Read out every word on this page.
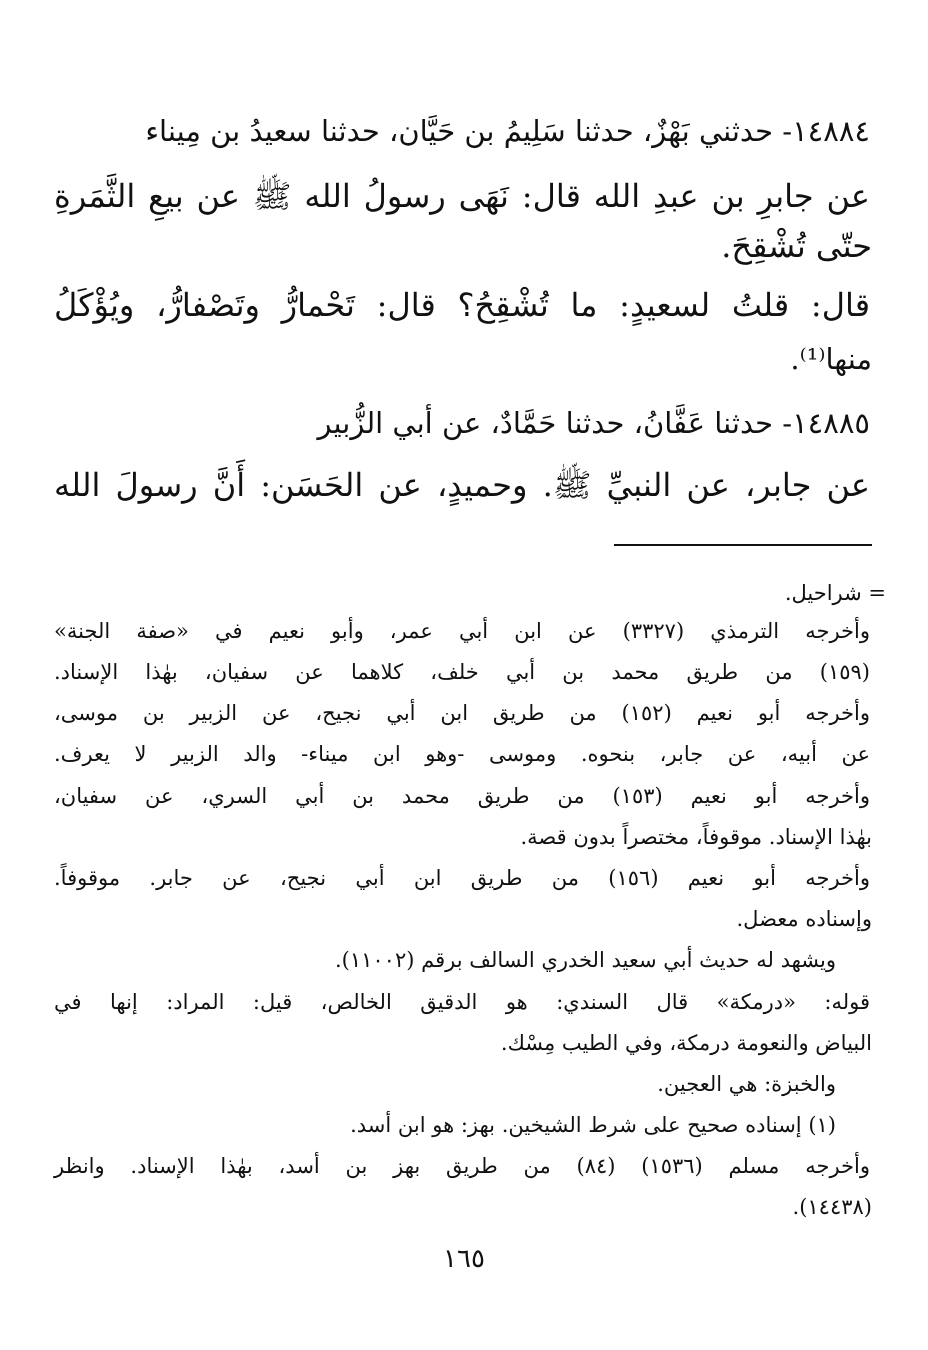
١٤٨٨٤- حدثني بَهْزٌ، حدثنا سَلِيمُ بن حَيَّان، حدثنا سعيدُ بن مِيناء
عن جابرِ بن عبدِ الله قال: نَهَى رسولُ الله ﷺ عن بيعِ الثَّمَرةِ
حتّى تُشْقِحَ.
قال: قلتُ لسعيدٍ: ما تُشْقِحُ؟ قال: تَحْمارُّ وتَصْفارُّ، ويُؤْكَلُ
منها⁽¹⁾.
١٤٨٨٥- حدثنا عَفَّانُ، حدثنا حَمَّادٌ، عن أبي الزُّبير
عن جابر، عن النبيِّ ﷺ. وحميدٍ، عن الحَسَن: أَنَّ رسولَ الله
= شراحيل.
وأخرجه الترمذي (٣٣٢٧) عن ابن أبي عمر، وأبو نعيم في «صفة الجنة»
(١٥٩) من طريق محمد بن أبي خلف، كلاهما عن سفيان، بهٰذا الإسناد.
وأخرجه أبو نعيم (١٥٢) من طريق ابن أبي نجيح، عن الزبير بن موسى،
عن أبيه، عن جابر، بنحوه. وموسى -وهو ابن ميناء- والد الزبير لا يعرف.
وأخرجه أبو نعيم (١٥٣) من طريق محمد بن أبي السري، عن سفيان،
بهٰذا الإسناد. موقوفاً، مختصراً بدون قصة.
وأخرجه أبو نعيم (١٥٦) من طريق ابن أبي نجيح، عن جابر. موقوفاً.
وإسناده معضل.
ويشهد له حديث أبي سعيد الخدري السالف برقم (١١٠٠٢).
قوله: «درمكة» قال السندي: هو الدقيق الخالص، قيل: المراد: إنها في
البياض والنعومة درمكة، وفي الطيب مِسْك.
والخبزة: هي العجين.
(١) إسناده صحيح على شرط الشيخين. بهز: هو ابن أسد.
وأخرجه مسلم (١٥٣٦) (٨٤) من طريق بهز بن أسد، بهٰذا الإسناد. وانظر
(١٤٤٣٨).
١٦٥
